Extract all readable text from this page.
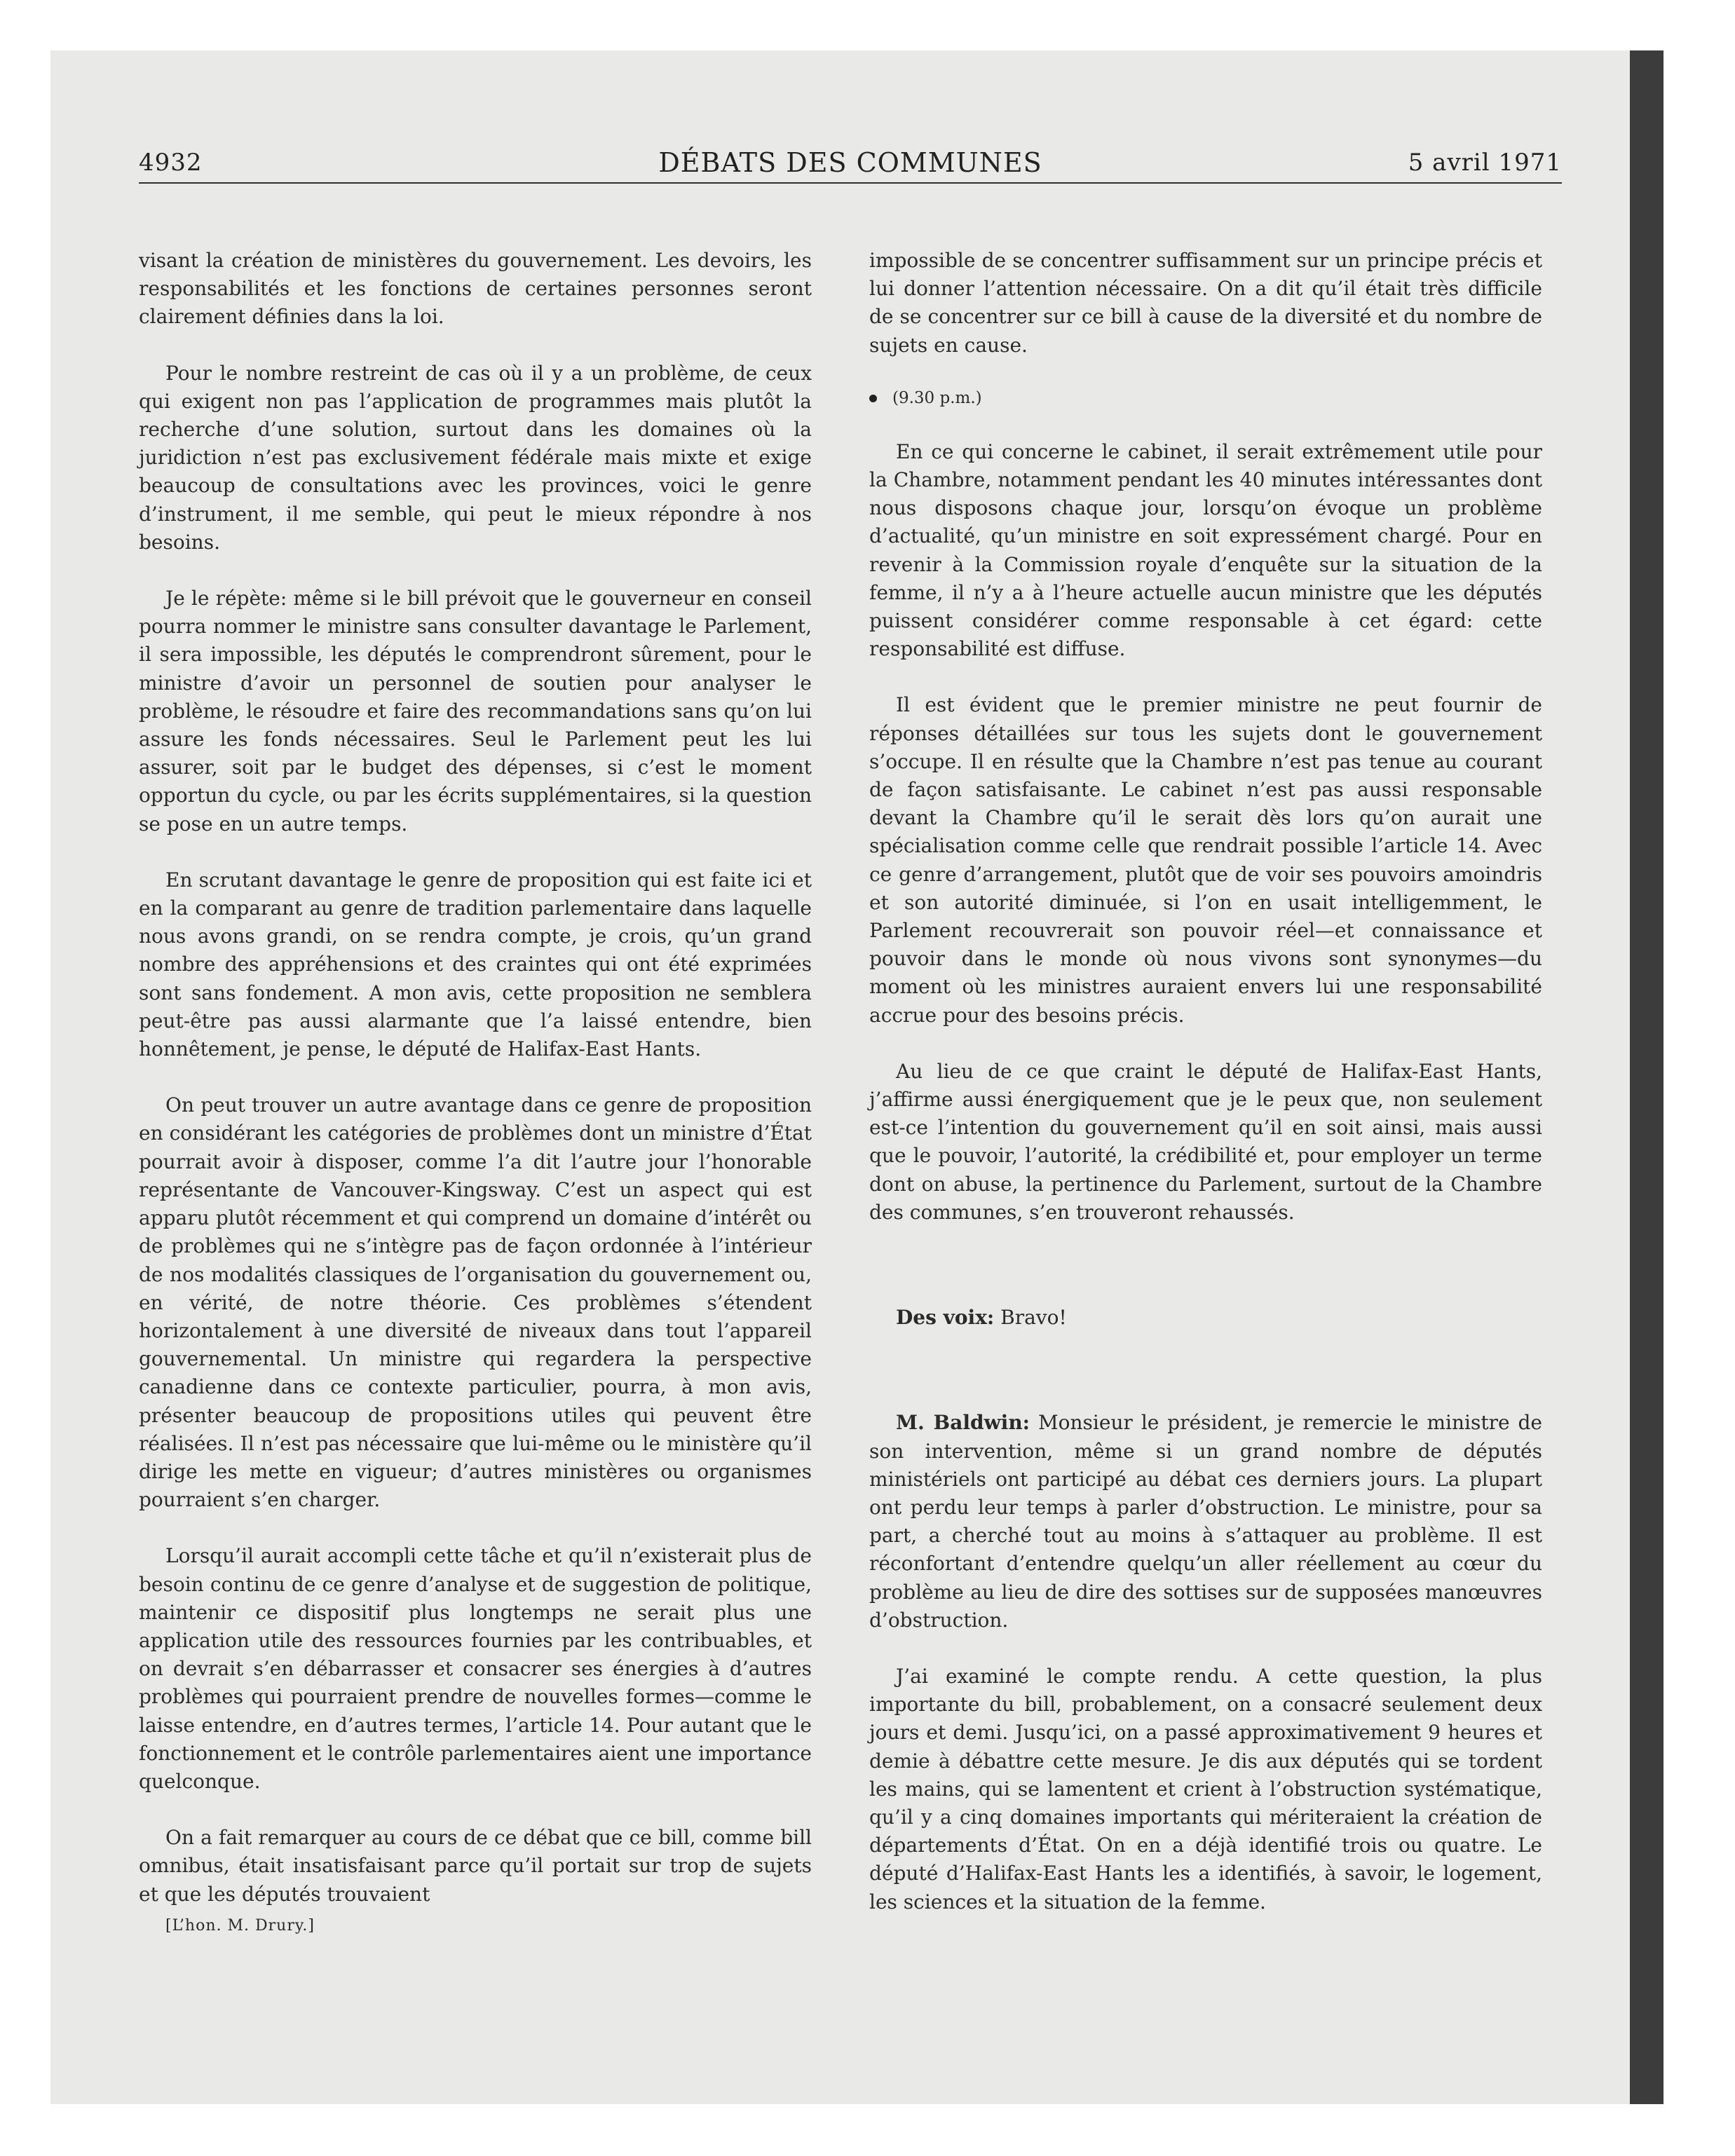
4932	DÉBATS DES COMMUNES	5 avril 1971

visant la création de ministères du gouvernement. Les devoirs, les responsabilités et les fonctions de certaines personnes seront clairement définies dans la loi.

Pour le nombre restreint de cas où il y a un problème, de ceux qui exigent non pas l’application de programmes mais plutôt la recherche d’une solution, surtout dans les domaines où la juridiction n’est pas exclusivement fédérale mais mixte et exige beaucoup de consultations avec les provinces, voici le genre d’instrument, il me semble, qui peut le mieux répondre à nos besoins.

Je le répète: même si le bill prévoit que le gouverneur en conseil pourra nommer le ministre sans consulter davantage le Parlement, il sera impossible, les députés le comprendront sûrement, pour le ministre d’avoir un personnel de soutien pour analyser le problème, le résoudre et faire des recommandations sans qu’on lui assure les fonds nécessaires. Seul le Parlement peut les lui assurer, soit par le budget des dépenses, si c’est le moment opportun du cycle, ou par les écrits supplémentaires, si la question se pose en un autre temps.

En scrutant davantage le genre de proposition qui est faite ici et en la comparant au genre de tradition parlementaire dans laquelle nous avons grandi, on se rendra compte, je crois, qu’un grand nombre des appréhensions et des craintes qui ont été exprimées sont sans fondement. A mon avis, cette proposition ne semblera peut-être pas aussi alarmante que l’a laissé entendre, bien honnêtement, je pense, le député de Halifax-East Hants.

On peut trouver un autre avantage dans ce genre de proposition en considérant les catégories de problèmes dont un ministre d’État pourrait avoir à disposer, comme l’a dit l’autre jour l’honorable représentante de Vancouver-Kingsway. C’est un aspect qui est apparu plutôt récemment et qui comprend un domaine d’intérêt ou de problèmes qui ne s’intègre pas de façon ordonnée à l’intérieur de nos modalités classiques de l’organisation du gouvernement ou, en vérité, de notre théorie. Ces problèmes s’étendent horizontalement à une diversité de niveaux dans tout l’appareil gouvernemental. Un ministre qui regardera la perspective canadienne dans ce contexte particulier, pourra, à mon avis, présenter beaucoup de propositions utiles qui peuvent être réalisées. Il n’est pas nécessaire que lui-même ou le ministère qu’il dirige les mette en vigueur; d’autres ministères ou organismes pourraient s’en charger.

Lorsqu’il aurait accompli cette tâche et qu’il n’existerait plus de besoin continu de ce genre d’analyse et de suggestion de politique, maintenir ce dispositif plus longtemps ne serait plus une application utile des ressources fournies par les contribuables, et on devrait s’en débarrasser et consacrer ses énergies à d’autres problèmes qui pourraient prendre de nouvelles formes—comme le laisse entendre, en d’autres termes, l’article 14. Pour autant que le fonctionnement et le contrôle parlementaires aient une importance quelconque.

On a fait remarquer au cours de ce débat que ce bill, comme bill omnibus, était insatisfaisant parce qu’il portait sur trop de sujets et que les députés trouvaient

[L’hon. M. Drury.]

impossible de se concentrer suffisamment sur un principe précis et lui donner l’attention nécessaire. On a dit qu’il était très difficile de se concentrer sur ce bill à cause de la diversité et du nombre de sujets en cause.

(9.30 p.m.)

En ce qui concerne le cabinet, il serait extrêmement utile pour la Chambre, notamment pendant les 40 minutes intéressantes dont nous disposons chaque jour, lorsqu’on évoque un problème d’actualité, qu’un ministre en soit expressément chargé. Pour en revenir à la Commission royale d’enquête sur la situation de la femme, il n’y a à l’heure actuelle aucun ministre que les députés puissent considérer comme responsable à cet égard: cette responsabilité est diffuse.

Il est évident que le premier ministre ne peut fournir de réponses détaillées sur tous les sujets dont le gouvernement s’occupe. Il en résulte que la Chambre n’est pas tenue au courant de façon satisfaisante. Le cabinet n’est pas aussi responsable devant la Chambre qu’il le serait dès lors qu’on aurait une spécialisation comme celle que rendrait possible l’article 14. Avec ce genre d’arrangement, plutôt que de voir ses pouvoirs amoindris et son autorité diminuée, si l’on en usait intelligemment, le Parlement recouvrerait son pouvoir réel—et connaissance et pouvoir dans le monde où nous vivons sont synonymes—du moment où les ministres auraient envers lui une responsabilité accrue pour des besoins précis.

Au lieu de ce que craint le député de Halifax-East Hants, j’affirme aussi énergiquement que je le peux que, non seulement est-ce l’intention du gouvernement qu’il en soit ainsi, mais aussi que le pouvoir, l’autorité, la crédibilité et, pour employer un terme dont on abuse, la pertinence du Parlement, surtout de la Chambre des communes, s’en trouveront rehaussés.

Des voix: Bravo!

M. Baldwin: Monsieur le président, je remercie le ministre de son intervention, même si un grand nombre de députés ministériels ont participé au débat ces derniers jours. La plupart ont perdu leur temps à parler d’obstruction. Le ministre, pour sa part, a cherché tout au moins à s’attaquer au problème. Il est réconfortant d’entendre quelqu’un aller réellement au cœur du problème au lieu de dire des sottises sur de supposées manœuvres d’obstruction.

J’ai examiné le compte rendu. A cette question, la plus importante du bill, probablement, on a consacré seulement deux jours et demi. Jusqu’ici, on a passé approximativement 9 heures et demie à débattre cette mesure. Je dis aux députés qui se tordent les mains, qui se lamentent et crient à l’obstruction systématique, qu’il y a cinq domaines importants qui mériteraient la création de départements d’État. On en a déjà identifié trois ou quatre. Le député d’Halifax-East Hants les a identifiés, à savoir, le logement, les sciences et la situation de la femme.
